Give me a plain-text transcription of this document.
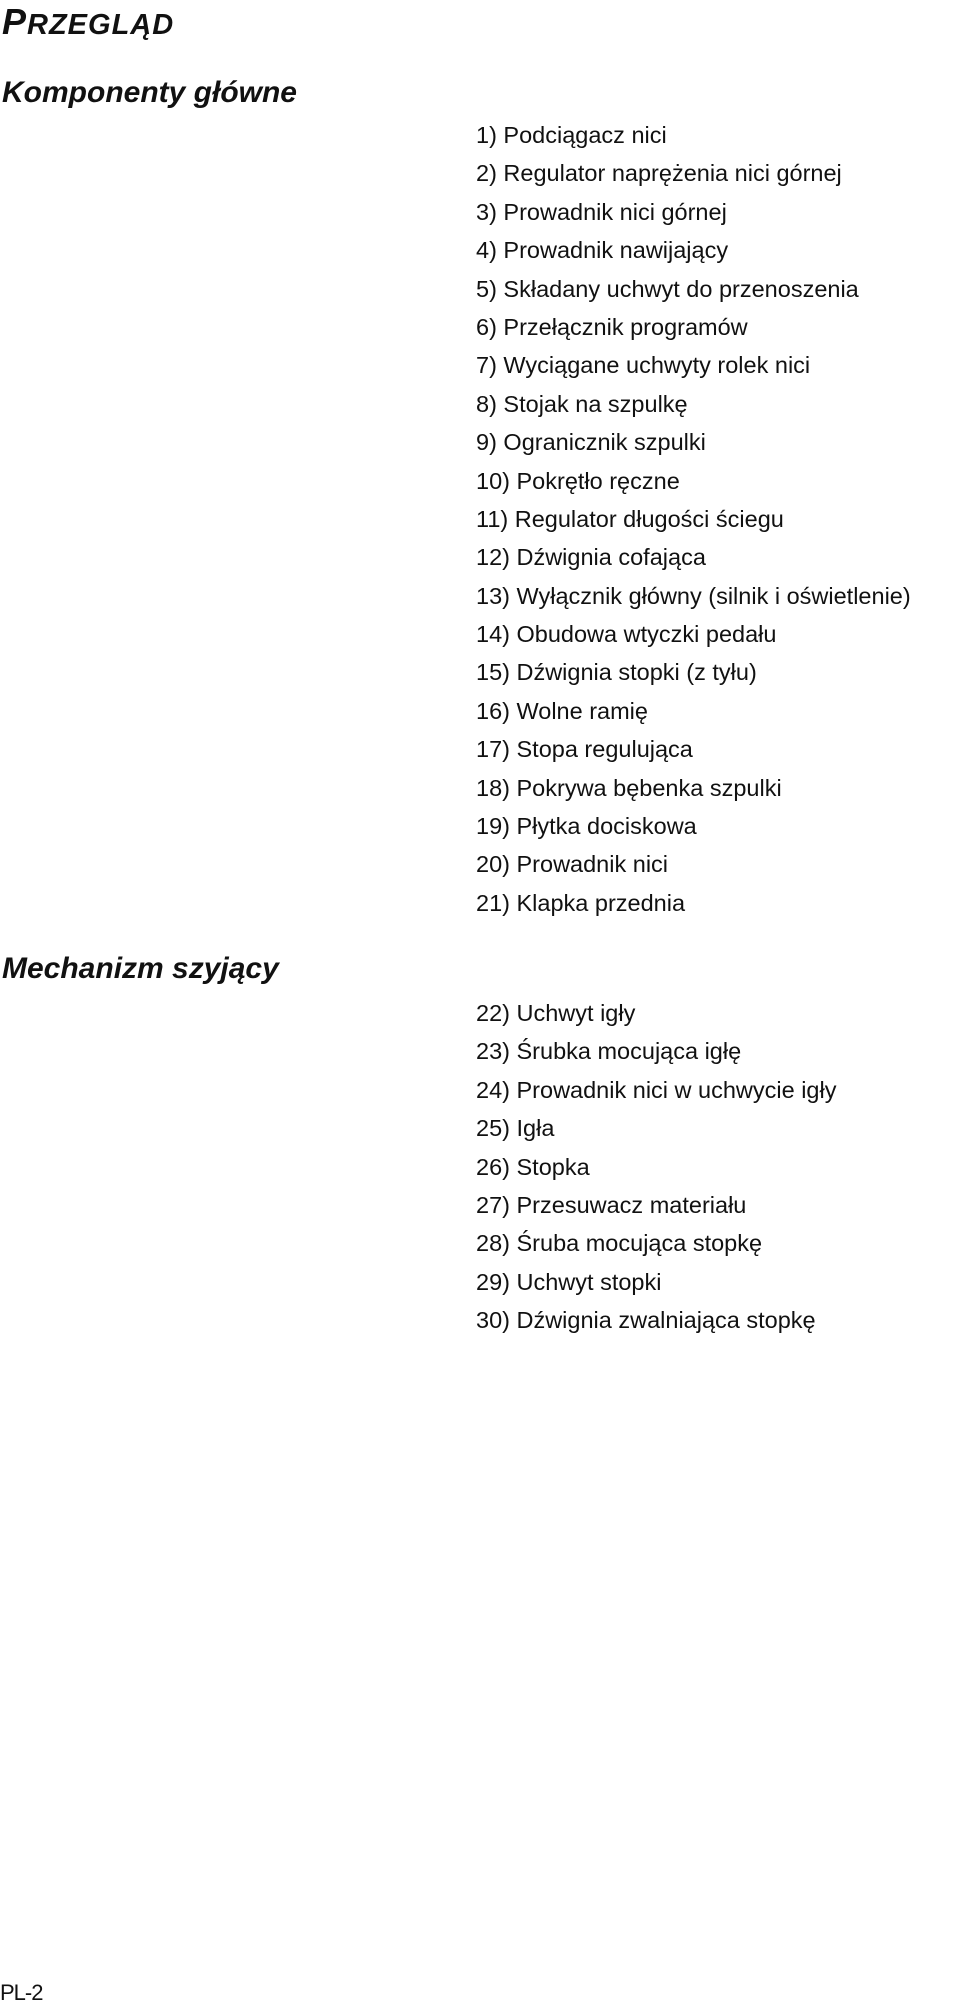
PRZEGLĄD
Komponenty główne
1) Podciągacz nici
2) Regulator naprężenia nici górnej
3) Prowadnik nici górnej
4) Prowadnik nawijający
5) Składany uchwyt do przenoszenia
6) Przełącznik programów
7) Wyciągane uchwyty rolek nici
8) Stojak na szpulkę
9) Ogranicznik szpulki
10) Pokrętło ręczne
11) Regulator długości ściegu
12) Dźwignia cofająca
13) Wyłącznik główny (silnik i oświetlenie)
14) Obudowa wtyczki pedału
15) Dźwignia stopki (z tyłu)
16) Wolne ramię
17) Stopa regulująca
18) Pokrywa bębenka szpulki
19) Płytka dociskowa
20) Prowadnik nici
21) Klapka przednia
Mechanizm szyjący
22) Uchwyt igły
23) Śrubka mocująca igłę
24) Prowadnik nici w uchwycie igły
25) Igła
26) Stopka
27) Przesuwacz materiału
28) Śruba mocująca stopkę
29) Uchwyt stopki
30) Dźwignia zwalniająca stopkę
PL-2
